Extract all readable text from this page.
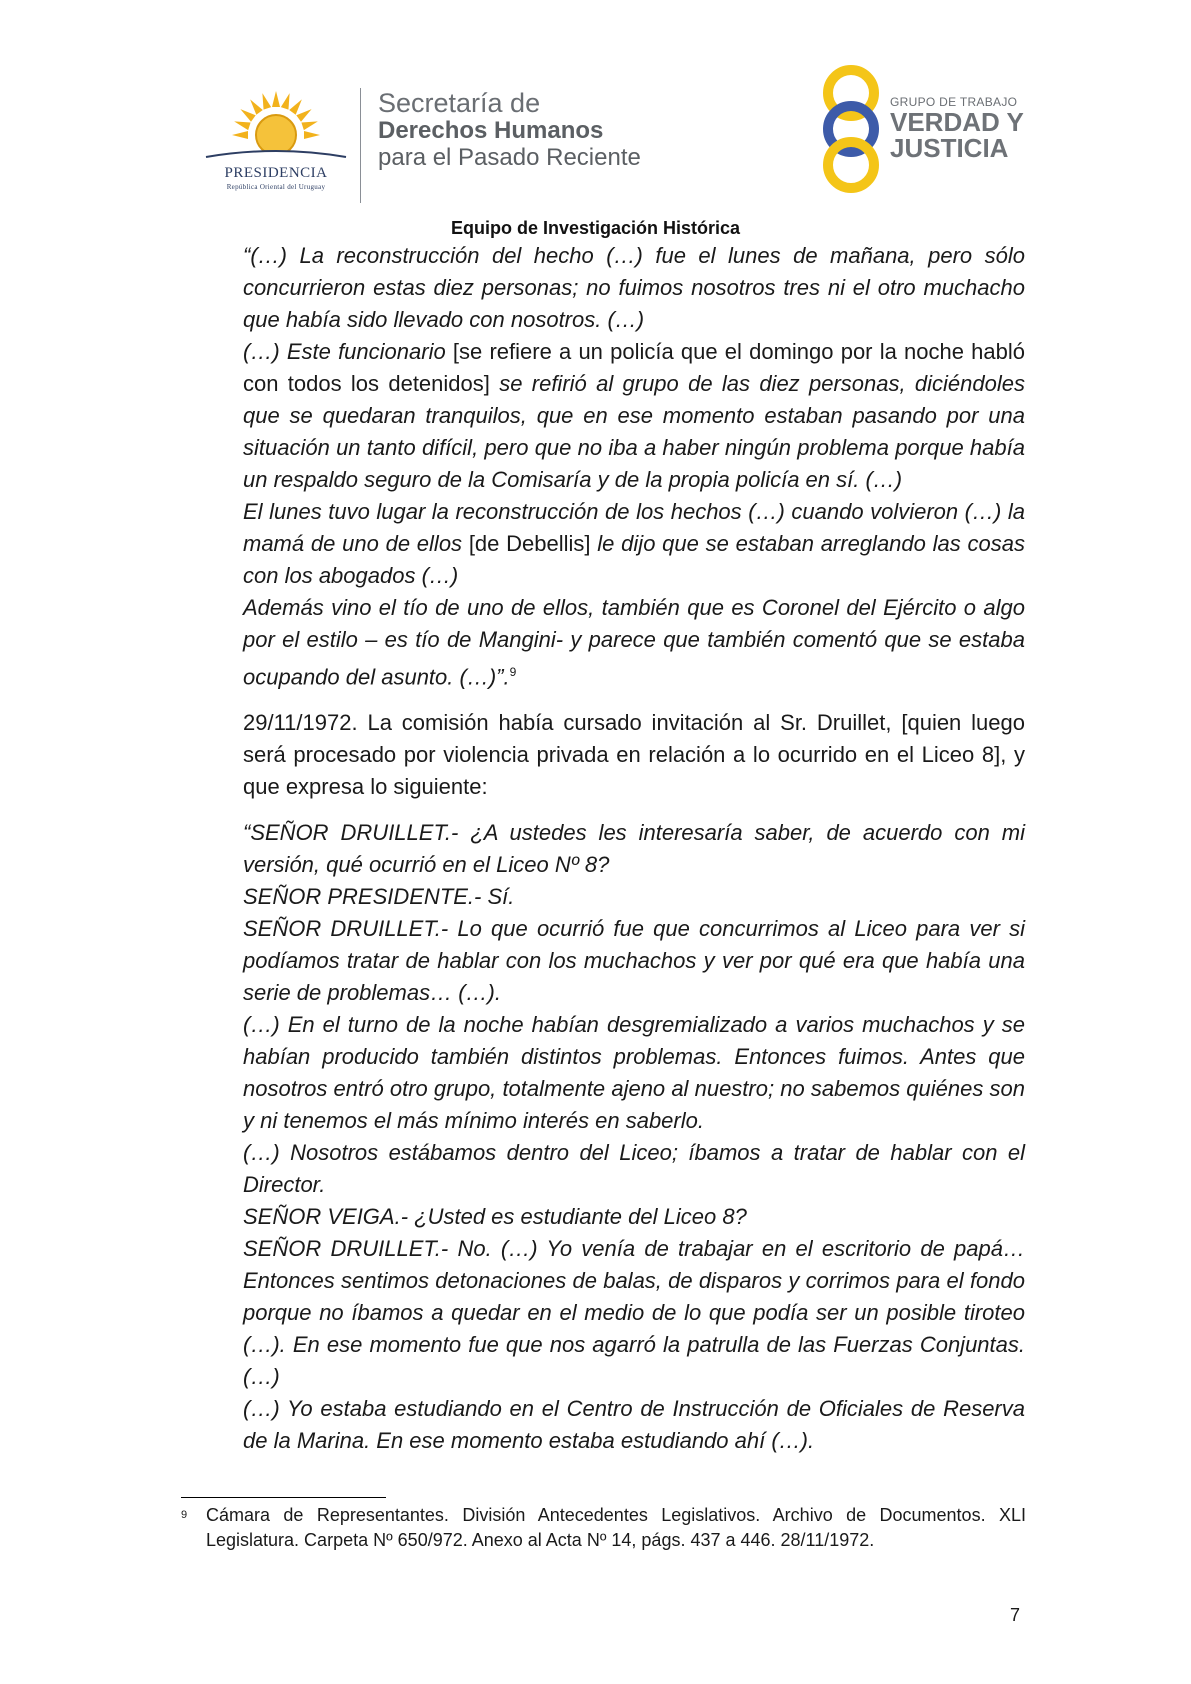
PRESIDENCIA
República Oriental del Uruguay
Secretaría de
Derechos Humanos
para el Pasado Reciente
GRUPO DE TRABAJO
VERDAD Y
JUSTICIA
Equipo de Investigación Histórica

“(…) La reconstrucción del hecho (…) fue el lunes de mañana, pero sólo concurrieron estas diez personas; no fuimos nosotros tres ni el otro muchacho que había sido llevado con nosotros. (…)

(…) Este funcionario [se refiere a un policía que el domingo por la noche habló con todos los detenidos] se refirió al grupo de las diez personas, diciéndoles que se quedaran tranquilos, que en ese momento estaban pasando por una situación un tanto difícil, pero que no iba a haber ningún problema porque había un respaldo seguro de la Comisaría y de la propia policía en sí. (…)

El lunes tuvo lugar la reconstrucción de los hechos (…) cuando volvieron (…) la mamá de uno de ellos [de Debellis] le dijo que se estaban arreglando las cosas con los abogados (…)

Además vino el tío de uno de ellos, también que es Coronel del Ejército o algo por el estilo – es tío de Mangini- y parece que también comentó que se estaba ocupando del asunto. (…)”.$^9$

29/11/1972. La comisión había cursado invitación al Sr. Druillet, [quien luego será procesado por violencia privada en relación a lo ocurrido en el Liceo 8], y que expresa lo siguiente:

“SEÑOR DRUILLET.- ¿A ustedes les interesaría saber, de acuerdo con mi versión, qué ocurrió en el Liceo Nº 8?

SEÑOR PRESIDENTE.- Sí.

SEÑOR DRUILLET.- Lo que ocurrió fue que concurrimos al Liceo para ver si podíamos tratar de hablar con los muchachos y ver por qué era que había una serie de problemas… (…).

(…) En el turno de la noche habían desgremializado a varios muchachos y se habían producido también distintos problemas. Entonces fuimos. Antes que nosotros entró otro grupo, totalmente ajeno al nuestro; no sabemos quiénes son y ni tenemos el más mínimo interés en saberlo.

(…) Nosotros estábamos dentro del Liceo; íbamos a tratar de hablar con el Director.

SEÑOR VEIGA.- ¿Usted es estudiante del Liceo 8?

SEÑOR DRUILLET.- No. (…) Yo venía de trabajar en el escritorio de papá… Entonces sentimos detonaciones de balas, de disparos y corrimos para el fondo porque no íbamos a quedar en el medio de lo que podía ser un posible tiroteo (…). En ese momento fue que nos agarró la patrulla de las Fuerzas Conjuntas. (…)

(…) Yo estaba estudiando en el Centro de Instrucción de Oficiales de Reserva de la Marina. En ese momento estaba estudiando ahí (…).

9	Cámara de Representantes. División Antecedentes Legislativos. Archivo de Documentos. XLI Legislatura. Carpeta Nº 650/972. Anexo al Acta Nº 14, págs. 437 a 446. 28/11/1972.
7
